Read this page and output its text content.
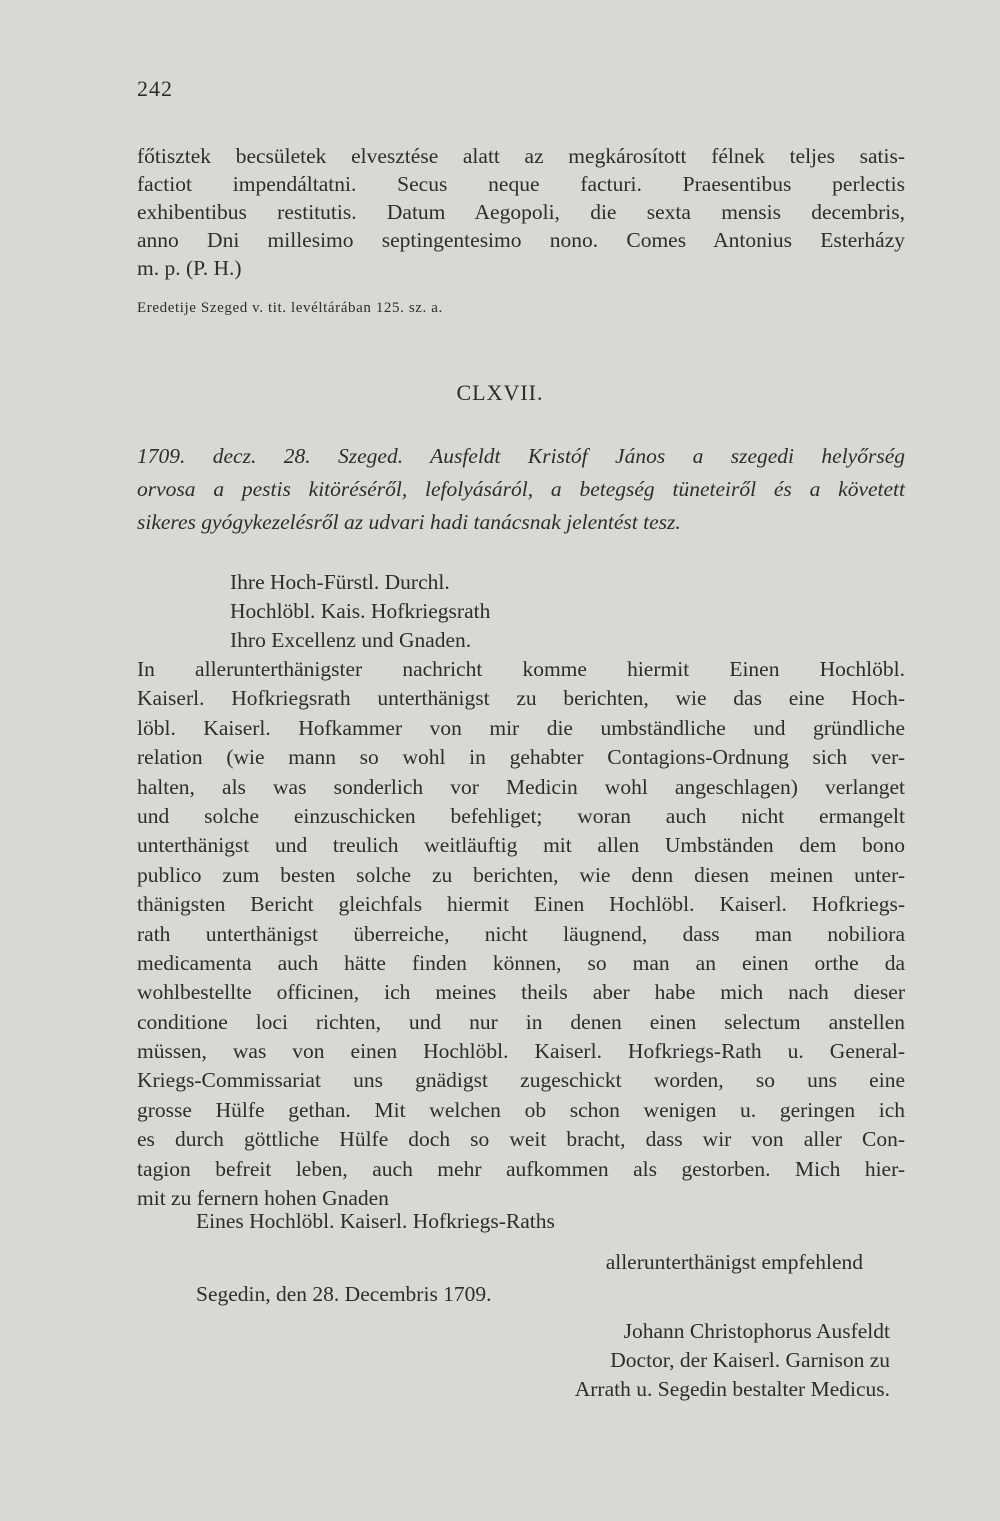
242
főtisztek becsületek elvesztése alatt az megkárosított félnek teljes satis-
factiot impendáltatni. Secus neque facturi. Praesentibus perlectis
exhibentibus restitutis. Datum Aegopoli, die sexta mensis decembris,
anno Dni millesimo septingentesimo nono. Comes Antonius Esterházy
m. p. (P. H.)
Eredetije Szeged v. tit. levéltárában 125. sz. a.
CLXVII.
1709. decz. 28. Szeged. Ausfeldt Kristóf János a szegedi helyőrség
orvosa a pestis kitöréséről, lefolyásáról, a betegség tüneteiről és a követett
sikeres gyógykezelésről az udvari hadi tanácsnak jelentést tesz.
Ihre Hoch-Fürstl. Durchl.
Hochlöbl. Kais. Hofkriegsrath
Ihro Excellenz und Gnaden.
In allerunterthänigster nachricht komme hiermit Einen Hochlöbl.
Kaiserl. Hofkriegsrath unterthänigst zu berichten, wie das eine Hoch-
löbl. Kaiserl. Hofkammer von mir die umbständliche und gründliche
relation (wie mann so wohl in gehabter Contagions-Ordnung sich ver-
halten, als was sonderlich vor Medicin wohl angeschlagen) verlanget
und solche einzuschicken befehliget; woran auch nicht ermangelt
unterthänigst und treulich weitläuftig mit allen Umbständen dem bono
publico zum besten solche zu berichten, wie denn diesen meinen unter-
thänigsten Bericht gleichfals hiermit Einen Hochlöbl. Kaiserl. Hofkriegs-
rath unterthänigst überreiche, nicht läugnend, dass man nobiliora
medicamenta auch hätte finden können, so man an einen orthe da
wohlbestellte officinen, ich meines theils aber habe mich nach dieser
conditione loci richten, und nur in denen einen selectum anstellen
müssen, was von einen Hochlöbl. Kaiserl. Hofkriegs-Rath u. General-
Kriegs-Commissariat uns gnädigst zugeschickt worden, so uns eine
grosse Hülfe gethan. Mit welchen ob schon wenigen u. geringen ich
es durch göttliche Hülfe doch so weit bracht, dass wir von aller Con-
tagion befreit leben, auch mehr aufkommen als gestorben. Mich hier-
mit zu fernern hohen Gnaden
Eines Hochlöbl. Kaiserl. Hofkriegs-Raths
allerunterthänigst empfehlend
Segedin, den 28. Decembris 1709.
Johann Christophorus Ausfeldt
Doctor, der Kaiserl. Garnison zu
Arrath u. Segedin bestalter Medicus.
